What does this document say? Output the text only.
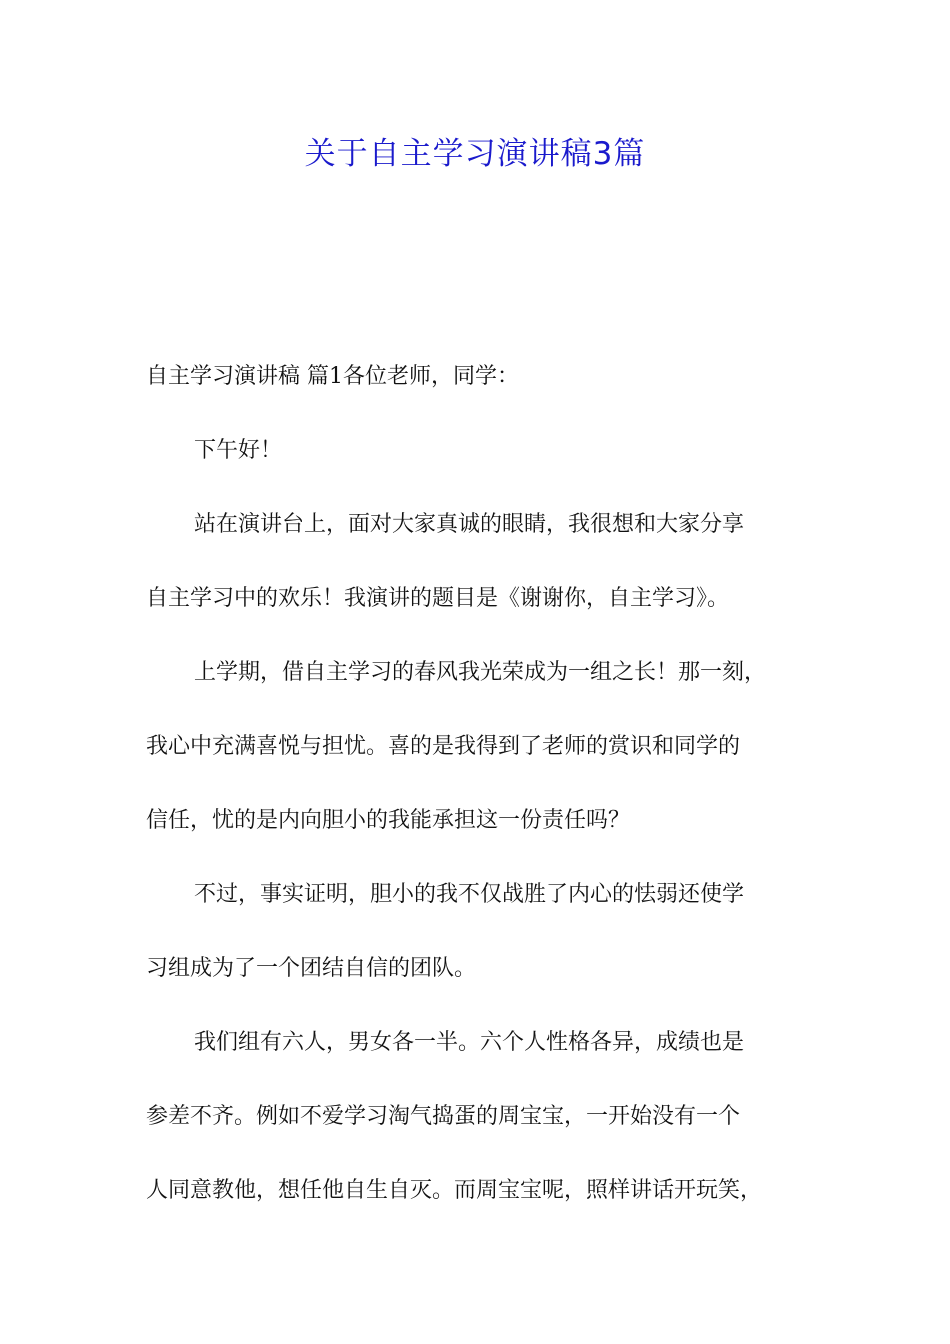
关于自主学习演讲稿3篇
自主学习演讲稿 篇1各位老师，同学：
下午好！
站在演讲台上，面对大家真诚的眼睛，我很想和大家分享
自主学习中的欢乐！我演讲的题目是《谢谢你，自主学习》。
上学期，借自主学习的春风我光荣成为一组之长！那一刻，
我心中充满喜悦与担忧。喜的是我得到了老师的赏识和同学的
信任，忧的是内向胆小的我能承担这一份责任吗？
不过，事实证明，胆小的我不仅战胜了内心的怯弱还使学
习组成为了一个团结自信的团队。
我们组有六人，男女各一半。六个人性格各异，成绩也是
参差不齐。例如不爱学习淘气捣蛋的周宝宝，一开始没有一个
人同意教他，想任他自生自灭。而周宝宝呢，照样讲话开玩笑，
